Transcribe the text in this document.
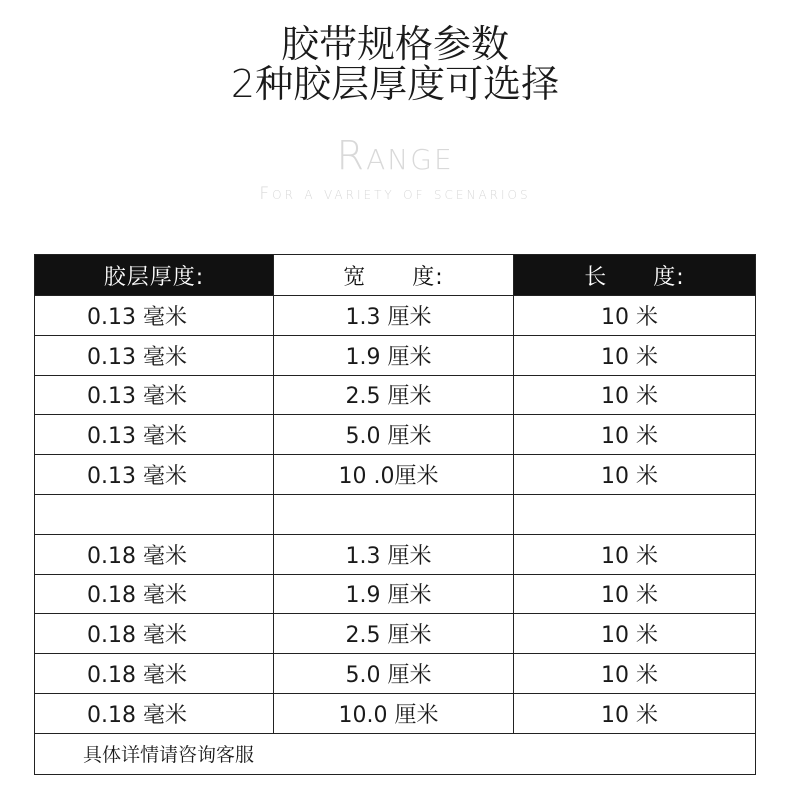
胶带规格参数
2种胶层厚度可选择
Range
For a variety of scenarios
胶层厚度:	宽　　度:	长　　度:
0.13 毫米	1.3 厘米	10 米
0.13 毫米	1.9 厘米	10 米
0.13 毫米	2.5 厘米	10 米
0.13 毫米	5.0 厘米	10 米
0.13 毫米	10 .0厘米	10 米

0.18 毫米	1.3 厘米	10 米
0.18 毫米	1.9 厘米	10 米
0.18 毫米	2.5 厘米	10 米
0.18 毫米	5.0 厘米	10 米
0.18 毫米	10.0 厘米	10 米
具体详情请咨询客服		
